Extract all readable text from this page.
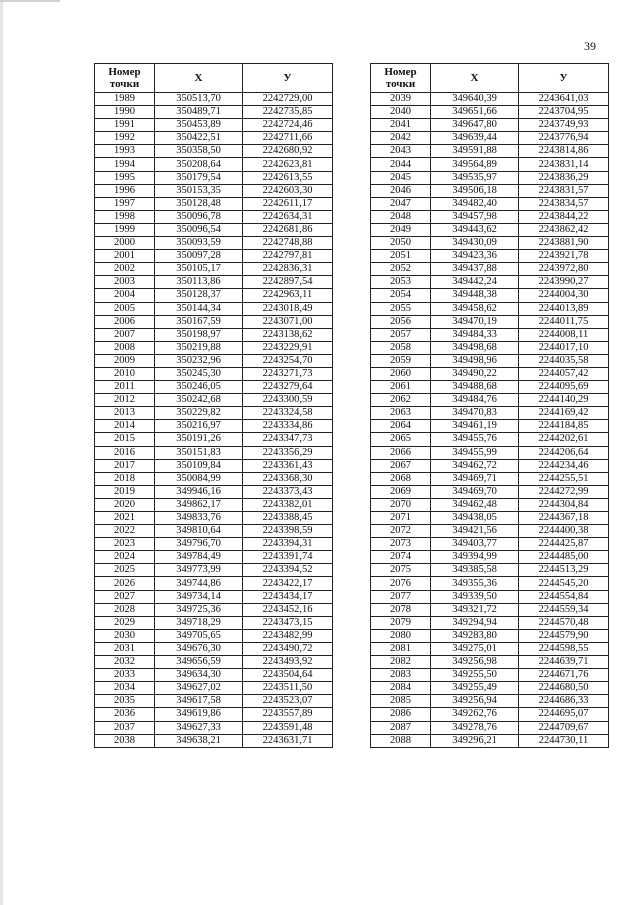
39
Номер
точки	Х	У
1989	350513,70	2242729,00
1990	350489,71	2242735,85
1991	350453,89	2242724,46
1992	350422,51	2242711,66
1993	350358,50	2242680,92
1994	350208,64	2242623,81
1995	350179,54	2242613,55
1996	350153,35	2242603,30
1997	350128,48	2242611,17
1998	350096,78	2242634,31
1999	350096,54	2242681,86
2000	350093,59	2242748,88
2001	350097,28	2242797,81
2002	350105,17	2242836,31
2003	350113,86	2242897,54
2004	350128,37	2242963,11
2005	350144,34	2243018,49
2006	350167,59	2243071,00
2007	350198,97	2243138,62
2008	350219,88	2243229,91
2009	350232,96	2243254,70
2010	350245,30	2243271,73
2011	350246,05	2243279,64
2012	350242,68	2243300,59
2013	350229,82	2243324,58
2014	350216,97	2243334,86
2015	350191,26	2243347,73
2016	350151,83	2243356,29
2017	350109,84	2243361,43
2018	350084,99	2243368,30
2019	349946,16	2243373,43
2020	349862,17	2243382,01
2021	349833,76	2243388,45
2022	349810,64	2243398,59
2023	349796,70	2243394,31
2024	349784,49	2243391,74
2025	349773,99	2243394,52
2026	349744,86	2243422,17
2027	349734,14	2243434,17
2028	349725,36	2243452,16
2029	349718,29	2243473,15
2030	349705,65	2243482,99
2031	349676,30	2243490,72
2032	349656,59	2243493,92
2033	349634,30	2243504,64
2034	349627,02	2243511,50
2035	349617,58	2243523,07
2036	349619,86	2243557,89
2037	349627,33	2243591,48
2038	349638,21	2243631,71
Номер
точки	Х	У
2039	349640,39	2243641,03
2040	349651,66	2243704,95
2041	349647,80	2243749,93
2042	349639,44	2243776,94
2043	349591,88	2243814,86
2044	349564,89	2243831,14
2045	349535,97	2243836,29
2046	349506,18	2243831,57
2047	349482,40	2243834,57
2048	349457,98	2243844,22
2049	349443,62	2243862,42
2050	349430,09	2243881,90
2051	349423,36	2243921,78
2052	349437,88	2243972,80
2053	349442,24	2243990,27
2054	349448,38	2244004,30
2055	349458,62	2244013,89
2056	349470,19	2244011,75
2057	349484,33	2244008,11
2058	349498,68	2244017,10
2059	349498,96	2244035,58
2060	349490,22	2244057,42
2061	349488,68	2244095,69
2062	349484,76	2244140,29
2063	349470,83	2244169,42
2064	349461,19	2244184,85
2065	349455,76	2244202,61
2066	349455,99	2244206,64
2067	349462,72	2244234,46
2068	349469,71	2244255,51
2069	349469,70	2244272,99
2070	349462,48	2244304,84
2071	349438,05	2244367,18
2072	349421,56	2244400,38
2073	349403,77	2244425,87
2074	349394,99	2244485,00
2075	349385,58	2244513,29
2076	349355,36	2244545,20
2077	349339,50	2244554,84
2078	349321,72	2244559,34
2079	349294,94	2244570,48
2080	349283,80	2244579,90
2081	349275,01	2244598,55
2082	349256,98	2244639,71
2083	349255,50	2244671,76
2084	349255,49	2244680,50
2085	349256,94	2244686,33
2086	349262,76	2244695,07
2087	349278,76	2244709,67
2088	349296,21	2244730,11
